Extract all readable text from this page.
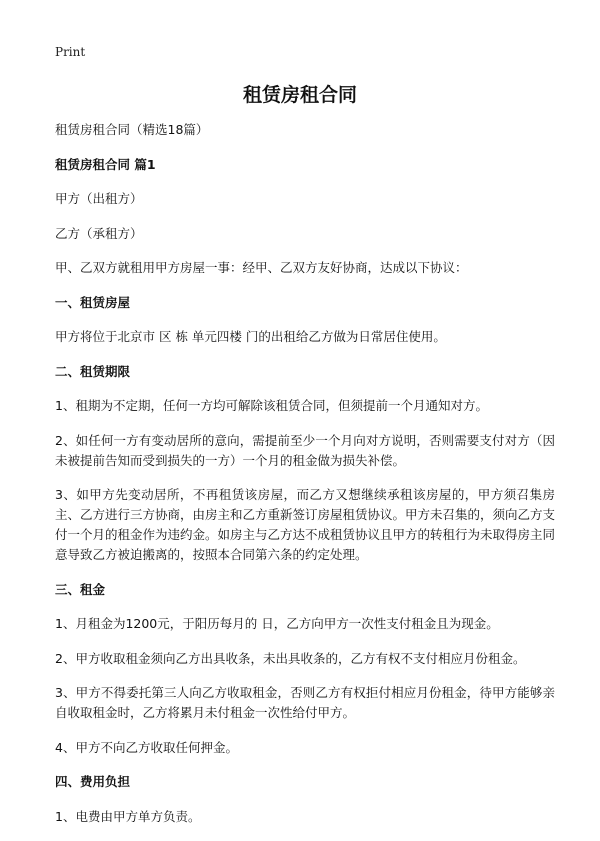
Print
租赁房租合同

租赁房租合同（精选18篇）

租赁房租合同 篇1

甲方（出租方）

乙方（承租方）

甲、乙双方就租用甲方房屋一事：经甲、乙双方友好协商，达成以下协议：

一、租赁房屋

甲方将位于北京市 区 栋 单元四楼 门的出租给乙方做为日常居住使用。

二、租赁期限

1、租期为不定期，任何一方均可解除该租赁合同，但须提前一个月通知对方。

2、如任何一方有变动居所的意向，需提前至少一个月向对方说明，否则需要支付对方（因未被提前告知而受到损失的一方）一个月的租金做为损失补偿。

3、如甲方先变动居所，不再租赁该房屋，而乙方又想继续承租该房屋的，甲方须召集房主、乙方进行三方协商，由房主和乙方重新签订房屋租赁协议。甲方未召集的，须向乙方支付一个月的租金作为违约金。如房主与乙方达不成租赁协议且甲方的转租行为未取得房主同意导致乙方被迫搬离的，按照本合同第六条的约定处理。

三、租金

1、月租金为1200元，于阳历每月的 日，乙方向甲方一次性支付租金且为现金。

2、甲方收取租金须向乙方出具收条，未出具收条的，乙方有权不支付相应月份租金。

3、甲方不得委托第三人向乙方收取租金，否则乙方有权拒付相应月份租金，待甲方能够亲自收取租金时，乙方将累月未付租金一次性给付甲方。

4、甲方不向乙方收取任何押金。

四、费用负担

1、电费由甲方单方负责。
